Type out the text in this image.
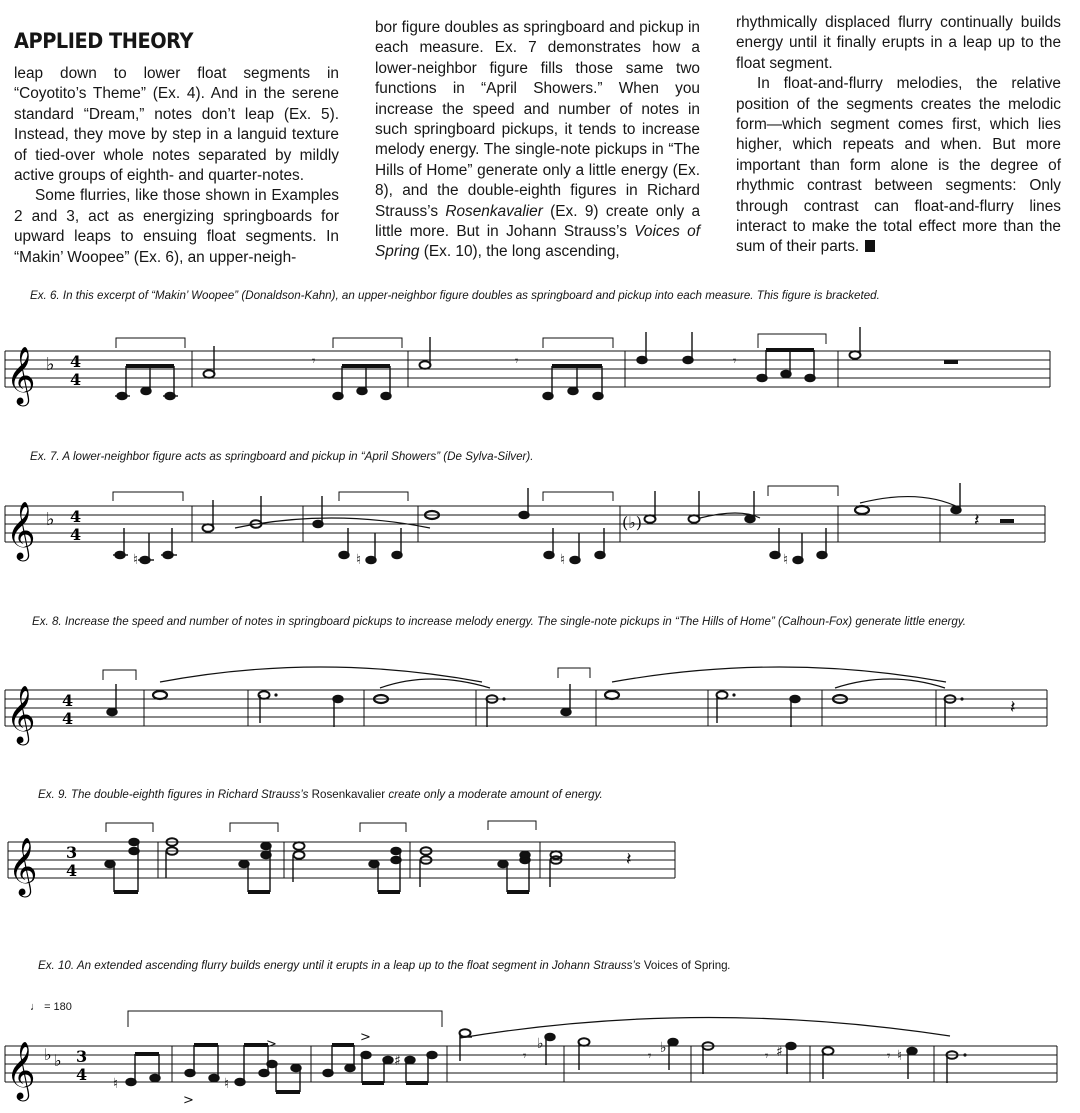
APPLIED THEORY

leap down to lower float segments in “Coyotito’s Theme” (Ex. 4). And in the serene standard “Dream,” notes don’t leap (Ex. 5). Instead, they move by step in a languid texture of tied-over whole notes separated by mildly active groups of eighth- and quarter-notes.

Some flurries, like those shown in Examples 2 and 3, act as energizing springboards for upward leaps to ensuing float segments. In “Makin’ Woopee” (Ex. 6), an upper-neigh-

bor figure doubles as springboard and pickup in each measure. Ex. 7 demonstrates how a lower-neighbor figure fills those same two functions in “April Showers.” When you increase the speed and number of notes in such springboard pickups, it tends to increase melody energy. The single-note pickups in “The Hills of Home” generate only a little energy (Ex. 8), and the double-eighth figures in Richard Strauss’s Rosenkavalier (Ex. 9) create only a little more. But in Johann Strauss’s Voices of Spring (Ex. 10), the long ascending,

rhythmically displaced flurry continually builds energy until it finally erupts in a leap up to the float segment.

In float-and-flurry melodies, the relative position of the segments creates the melodic form—which segment comes first, which lies higher, which repeats and when. But more important than form alone is the degree of rhythmic contrast between segments: Only through contrast can float-and-flurry lines interact to make the total effect more than the sum of their parts.

Ex. 6. In this excerpt of “Makin’ Woopee” (Donaldson-Kahn), an upper-neighbor figure doubles as springboard and pickup into each measure. This figure is bracketed.
𝄞 ♭ 4
4
𝄾	𝄾	𝄾
Ex. 7. A lower-neighbor figure acts as springboard and pickup in “April Showers” (De Sylva-Silver).
𝄞 ♭ 4
4
♮	♮	♮
(♭)
♮
𝄽
Ex. 8. Increase the speed and number of notes in springboard pickups to increase melody energy. The single-note pickups in “The Hills of Home” (Calhoun-Fox) generate little energy.
𝄞 4
4
𝄽
Ex. 9. The double-eighth figures in Richard Strauss’s Rosenkavalier create only a moderate amount of energy.
𝄞 3
4
𝄽
Ex. 10. An extended ascending flurry builds energy until it erupts in a leap up to the float segment in Johann Strauss’s Voices of Spring.
♩ = 180
𝄞 ♭ ♭ 3
4 ♮
>
♮
>	>
♯	𝄾
♭
𝄾
♭
𝄾 ♯	𝄾 ♮
